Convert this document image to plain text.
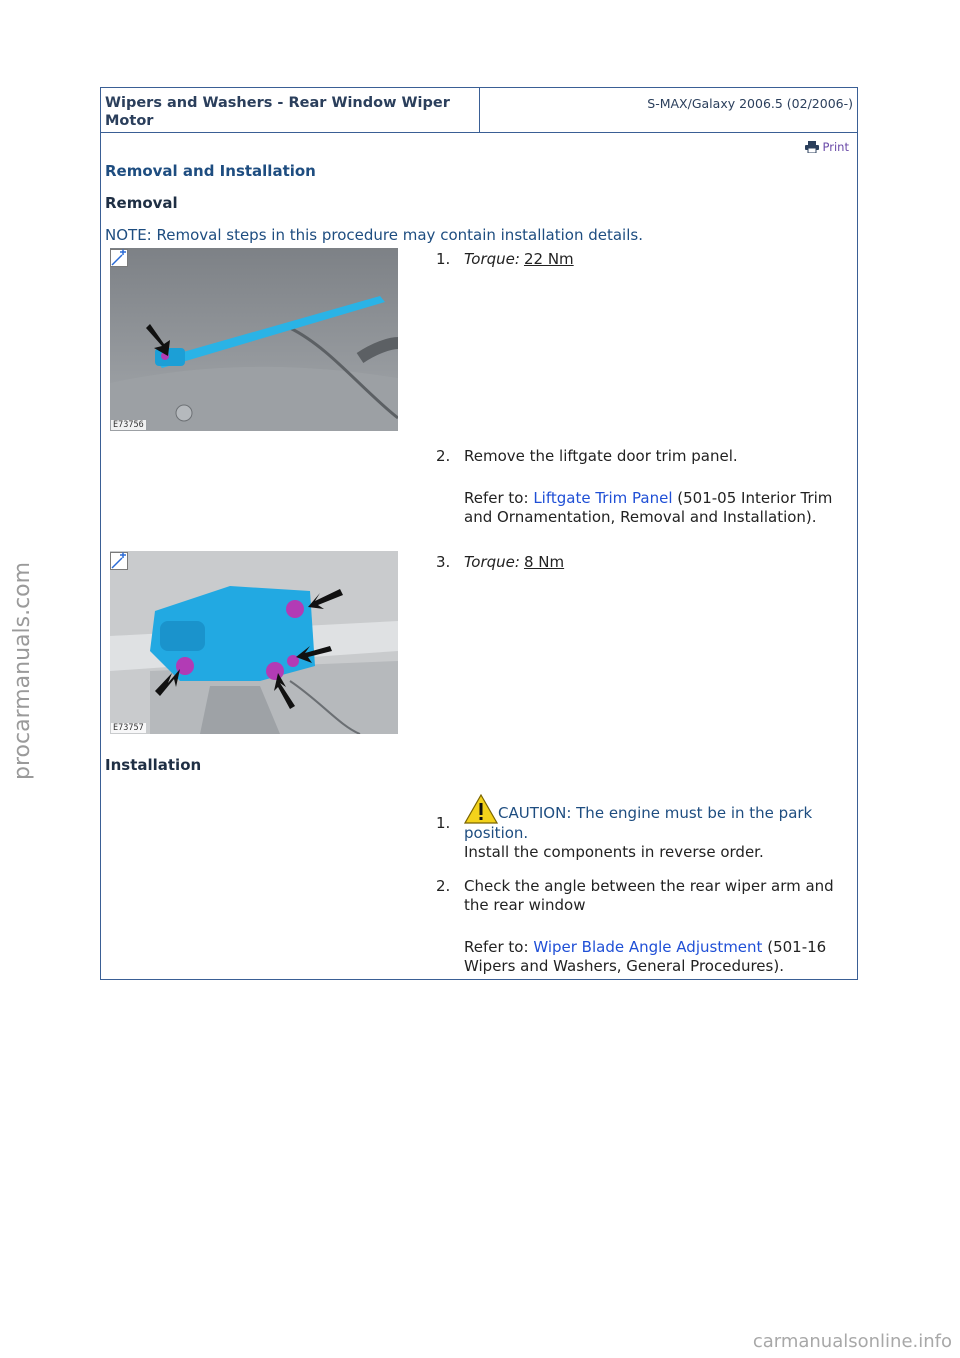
Wipers and Washers - Rear Window Wiper Motor
S-MAX/Galaxy 2006.5 (02/2006-)
Print
Removal and Installation
Removal
NOTE: Removal steps in this procedure may contain installation details.
E73756
1. Torque: 22 Nm
2. Remove the liftgate door trim panel.
Refer to: Liftgate Trim Panel (501-05 Interior Trim and Ornamentation, Removal and Installation).
E73757
3. Torque: 8 Nm
Installation
1.
CAUTION: The engine must be in the park position.
Install the components in reverse order.
2. Check the angle between the rear wiper arm and the rear window
Refer to: Wiper Blade Angle Adjustment (501-16 Wipers and Washers, General Procedures).
procarmanuals.com
carmanualsonline.info
